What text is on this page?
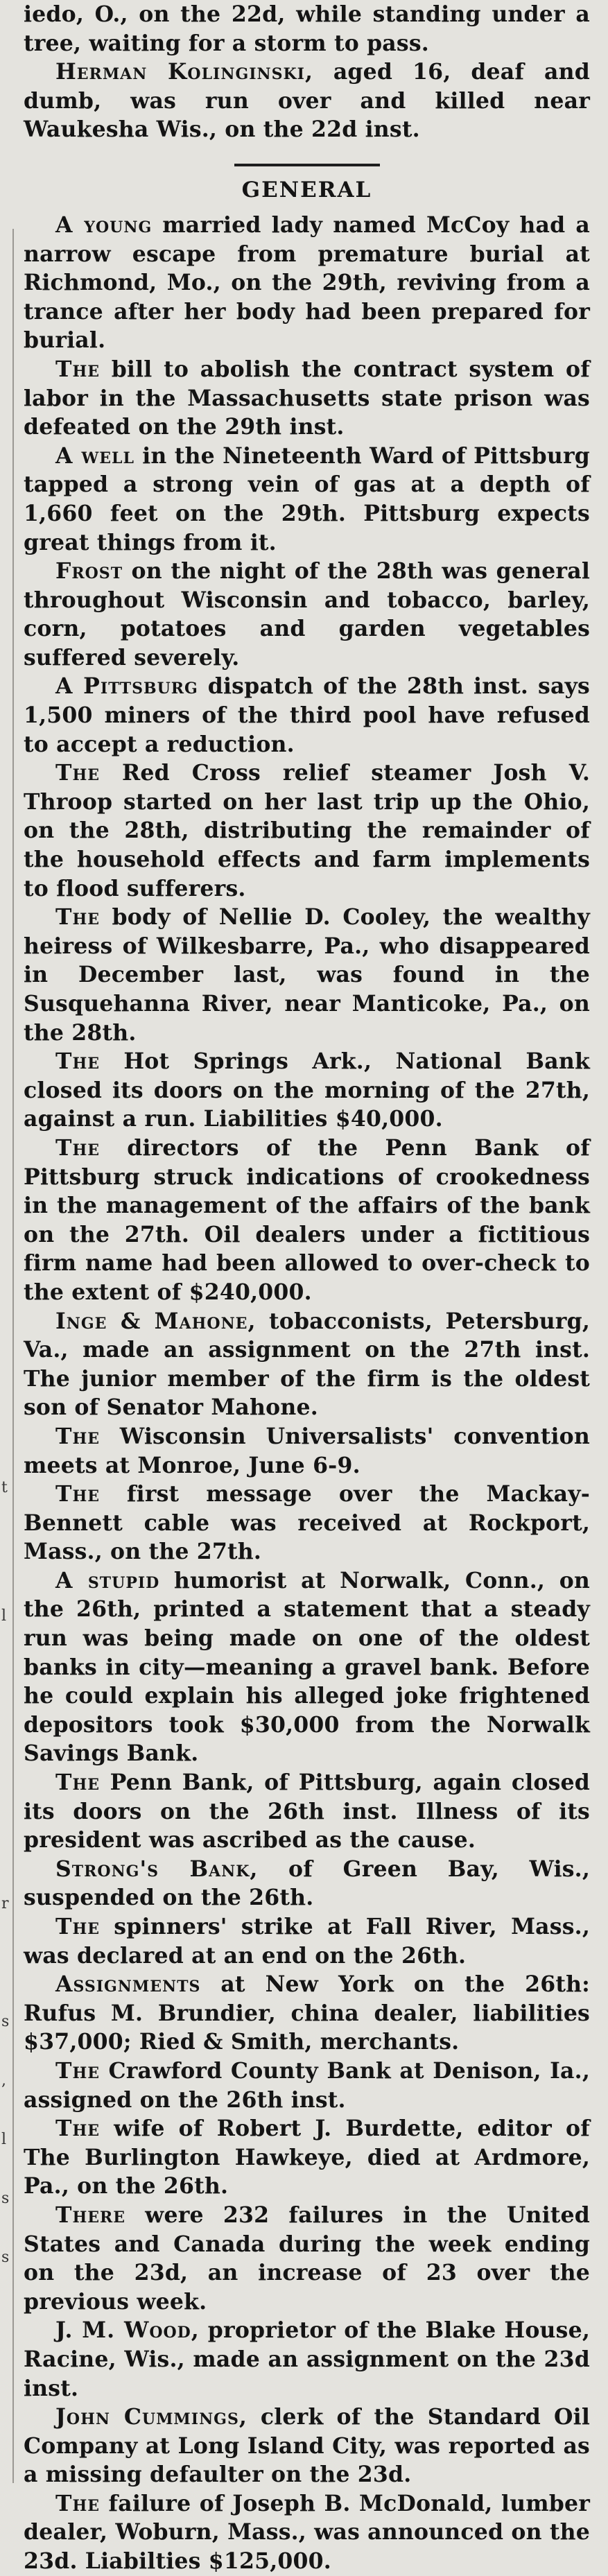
t
l
r
s
,
l
s
s

iedo, O., on the 22d, while standing under a tree, waiting for a storm to pass.

Herman Kolinginski, aged 16, deaf and dumb, was run over and killed near Waukesha Wis., on the 22d inst.

GENERAL

A young married lady named McCoy had a narrow escape from premature burial at Richmond, Mo., on the 29th, reviving from a trance after her body had been prepared for burial.

The bill to abolish the contract system of labor in the Massachusetts state prison was defeated on the 29th inst.

A well in the Nineteenth Ward of Pittsburg tapped a strong vein of gas at a depth of 1,660 feet on the 29th. Pittsburg expects great things from it.

Frost on the night of the 28th was general throughout Wisconsin and tobacco, barley, corn, potatoes and garden vegetables suffered severely.

A Pittsburg dispatch of the 28th inst. says 1,500 miners of the third pool have refused to accept a reduction.

The Red Cross relief steamer Josh V. Throop started on her last trip up the Ohio, on the 28th, distributing the remainder of the household effects and farm implements to flood sufferers.

The body of Nellie D. Cooley, the wealthy heiress of Wilkesbarre, Pa., who disappeared in December last, was found in the Susquehanna River, near Manticoke, Pa., on the 28th.

The Hot Springs Ark., National Bank closed its doors on the morning of the 27th, against a run. Liabilities $40,000.

The directors of the Penn Bank of Pittsburg struck indications of crookedness in the management of the affairs of the bank on the 27th. Oil dealers under a fictitious firm name had been allowed to over-check to the extent of $240,000.

Inge & Mahone, tobacconists, Petersburg, Va., made an assignment on the 27th inst. The junior member of the firm is the oldest son of Senator Mahone.

The Wisconsin Universalists' convention meets at Monroe, June 6-9.

The first message over the Mackay-Bennett cable was received at Rockport, Mass., on the 27th.

A stupid humorist at Norwalk, Conn., on the 26th, printed a statement that a steady run was being made on one of the oldest banks in city—meaning a gravel bank. Before he could explain his alleged joke frightened depositors took $30,000 from the Norwalk Savings Bank.

The Penn Bank, of Pittsburg, again closed its doors on the 26th inst. Illness of its president was ascribed as the cause.

Strong's Bank, of Green Bay, Wis., suspended on the 26th.

The spinners' strike at Fall River, Mass., was declared at an end on the 26th.

Assignments at New York on the 26th: Rufus M. Brundier, china dealer, liabilities $37,000; Ried & Smith, merchants.

The Crawford County Bank at Denison, Ia., assigned on the 26th inst.

The wife of Robert J. Burdette, editor of The Burlington Hawkeye, died at Ardmore, Pa., on the 26th.

There were 232 failures in the United States and Canada during the week ending on the 23d, an increase of 23 over the previous week.

J. M. Wood, proprietor of the Blake House, Racine, Wis., made an assignment on the 23d inst.

John Cummings, clerk of the Standard Oil Company at Long Island City, was reported as a missing defaulter on the 23d.

The failure of Joseph B. McDonald, lumber dealer, Woburn, Mass., was announced on the 23d. Liabilties $125,000.
